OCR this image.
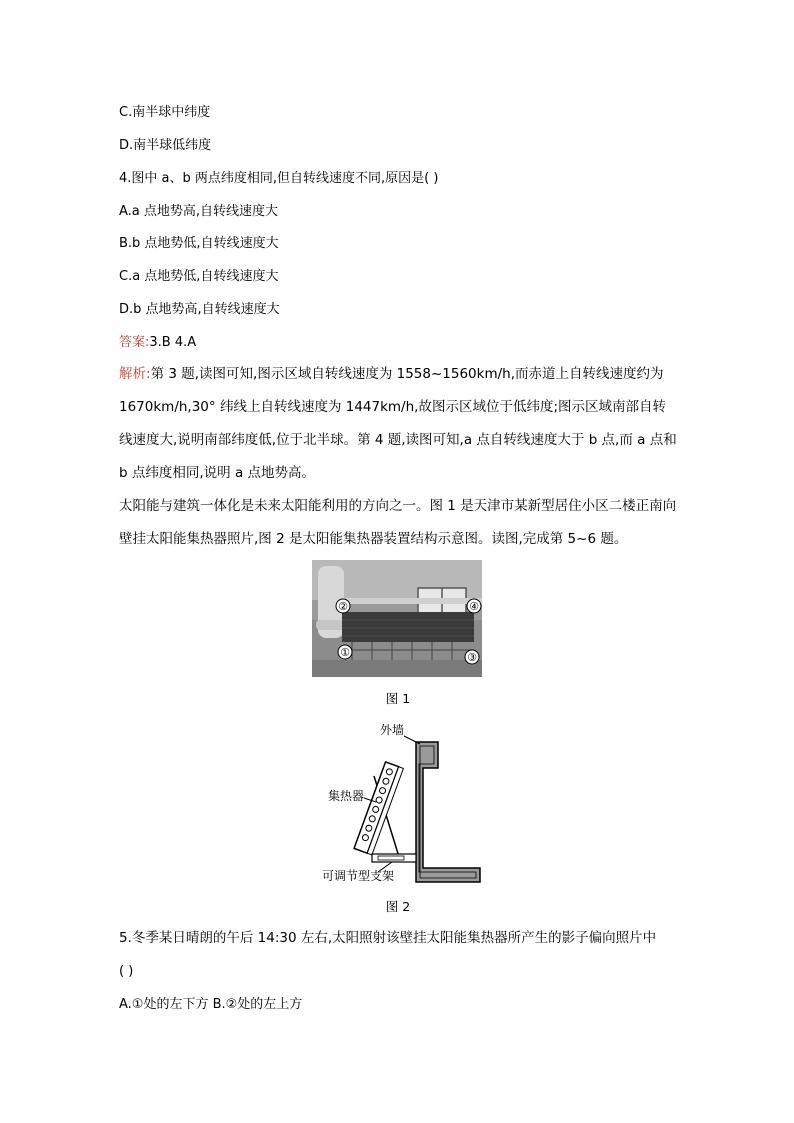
C.南半球中纬度
D.南半球低纬度
4.图中 a、b 两点纬度相同,但自转线速度不同,原因是( )
A.a 点地势高,自转线速度大
B.b 点地势低,自转线速度大
C.a 点地势低,自转线速度大
D.b 点地势高,自转线速度大
答案:3.B 4.A
解析:第 3 题,读图可知,图示区域自转线速度为 1558~1560km/h,而赤道上自转线速度约为1670km/h,30° 纬线上自转线速度为 1447km/h,故图示区域位于低纬度;图示区域南部自转线速度大,说明南部纬度低,位于北半球。第 4 题,读图可知,a 点自转线速度大于 b 点,而 a 点和 b 点纬度相同,说明 a 点地势高。
太阳能与建筑一体化是未来太阳能利用的方向之一。图 1 是天津市某新型居住小区二楼正南向壁挂太阳能集热器照片,图 2 是太阳能集热器装置结构示意图。读图,完成第 5~6 题。
②	④
①	③
图 1
外墙
集热器
可调节型支架
图 2
5.冬季某日晴朗的午后 14:30 左右,太阳照射该壁挂太阳能集热器所产生的影子偏向照片中
( )
A.①处的左下方 B.②处的左上方
